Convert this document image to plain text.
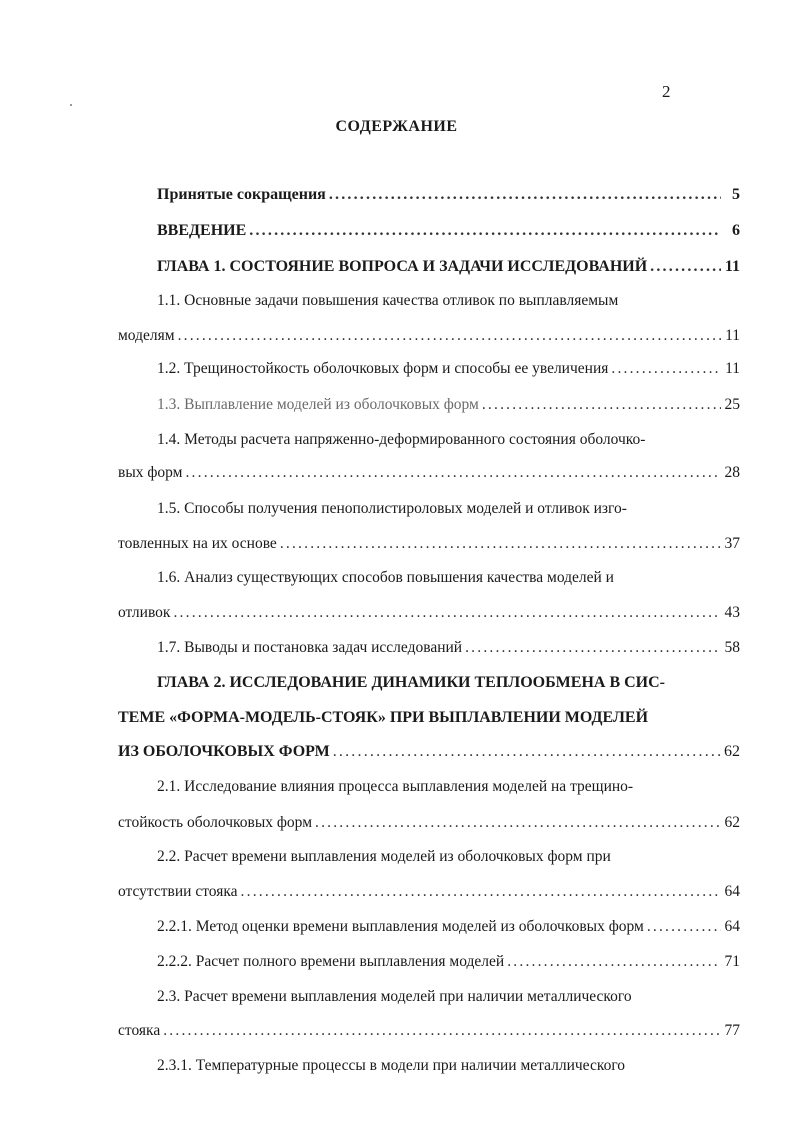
2
СОДЕРЖАНИЕ
Принятые сокращения .....	5
ВВЕДЕНИЕ .....	6
ГЛАВА 1. СОСТОЯНИЕ ВОПРОСА И ЗАДАЧИ ИССЛЕДОВАНИЙ .....	11
1.1. Основные задачи повышения качества отливок по выплавляемым
моделям .....	11
1.2. Трещиностойкость оболочковых форм и способы ее увеличения .....	11
1.3. Выплавление моделей из оболочковых форм .....	25
1.4. Методы расчета напряженно-деформированного состояния оболочко-
вых форм .....	28
1.5. Способы получения пенополистироловых моделей и отливок изго-
товленных на их основе .....	37
1.6. Анализ существующих способов повышения качества моделей и
отливок .....	43
1.7. Выводы и постановка задач исследований .....	58
ГЛАВА 2. ИССЛЕДОВАНИЕ ДИНАМИКИ ТЕПЛООБМЕНА В СИС-
ТЕМЕ «ФОРМА-МОДЕЛЬ-СТОЯК» ПРИ ВЫПЛАВЛЕНИИ МОДЕЛЕЙ
ИЗ ОБОЛОЧКОВЫХ ФОРМ .....	62
2.1. Исследование влияния процесса выплавления моделей на трещино-
стойкость оболочковых форм .....	62
2.2. Расчет времени выплавления моделей из оболочковых форм при
отсутствии стояка .....	64
2.2.1. Метод оценки времени выплавления моделей из оболочковых форм .....	64
2.2.2. Расчет полного времени выплавления моделей .....	71
2.3. Расчет времени выплавления моделей при наличии металлического
стояка .....	77
2.3.1. Температурные процессы в модели при наличии металлического
